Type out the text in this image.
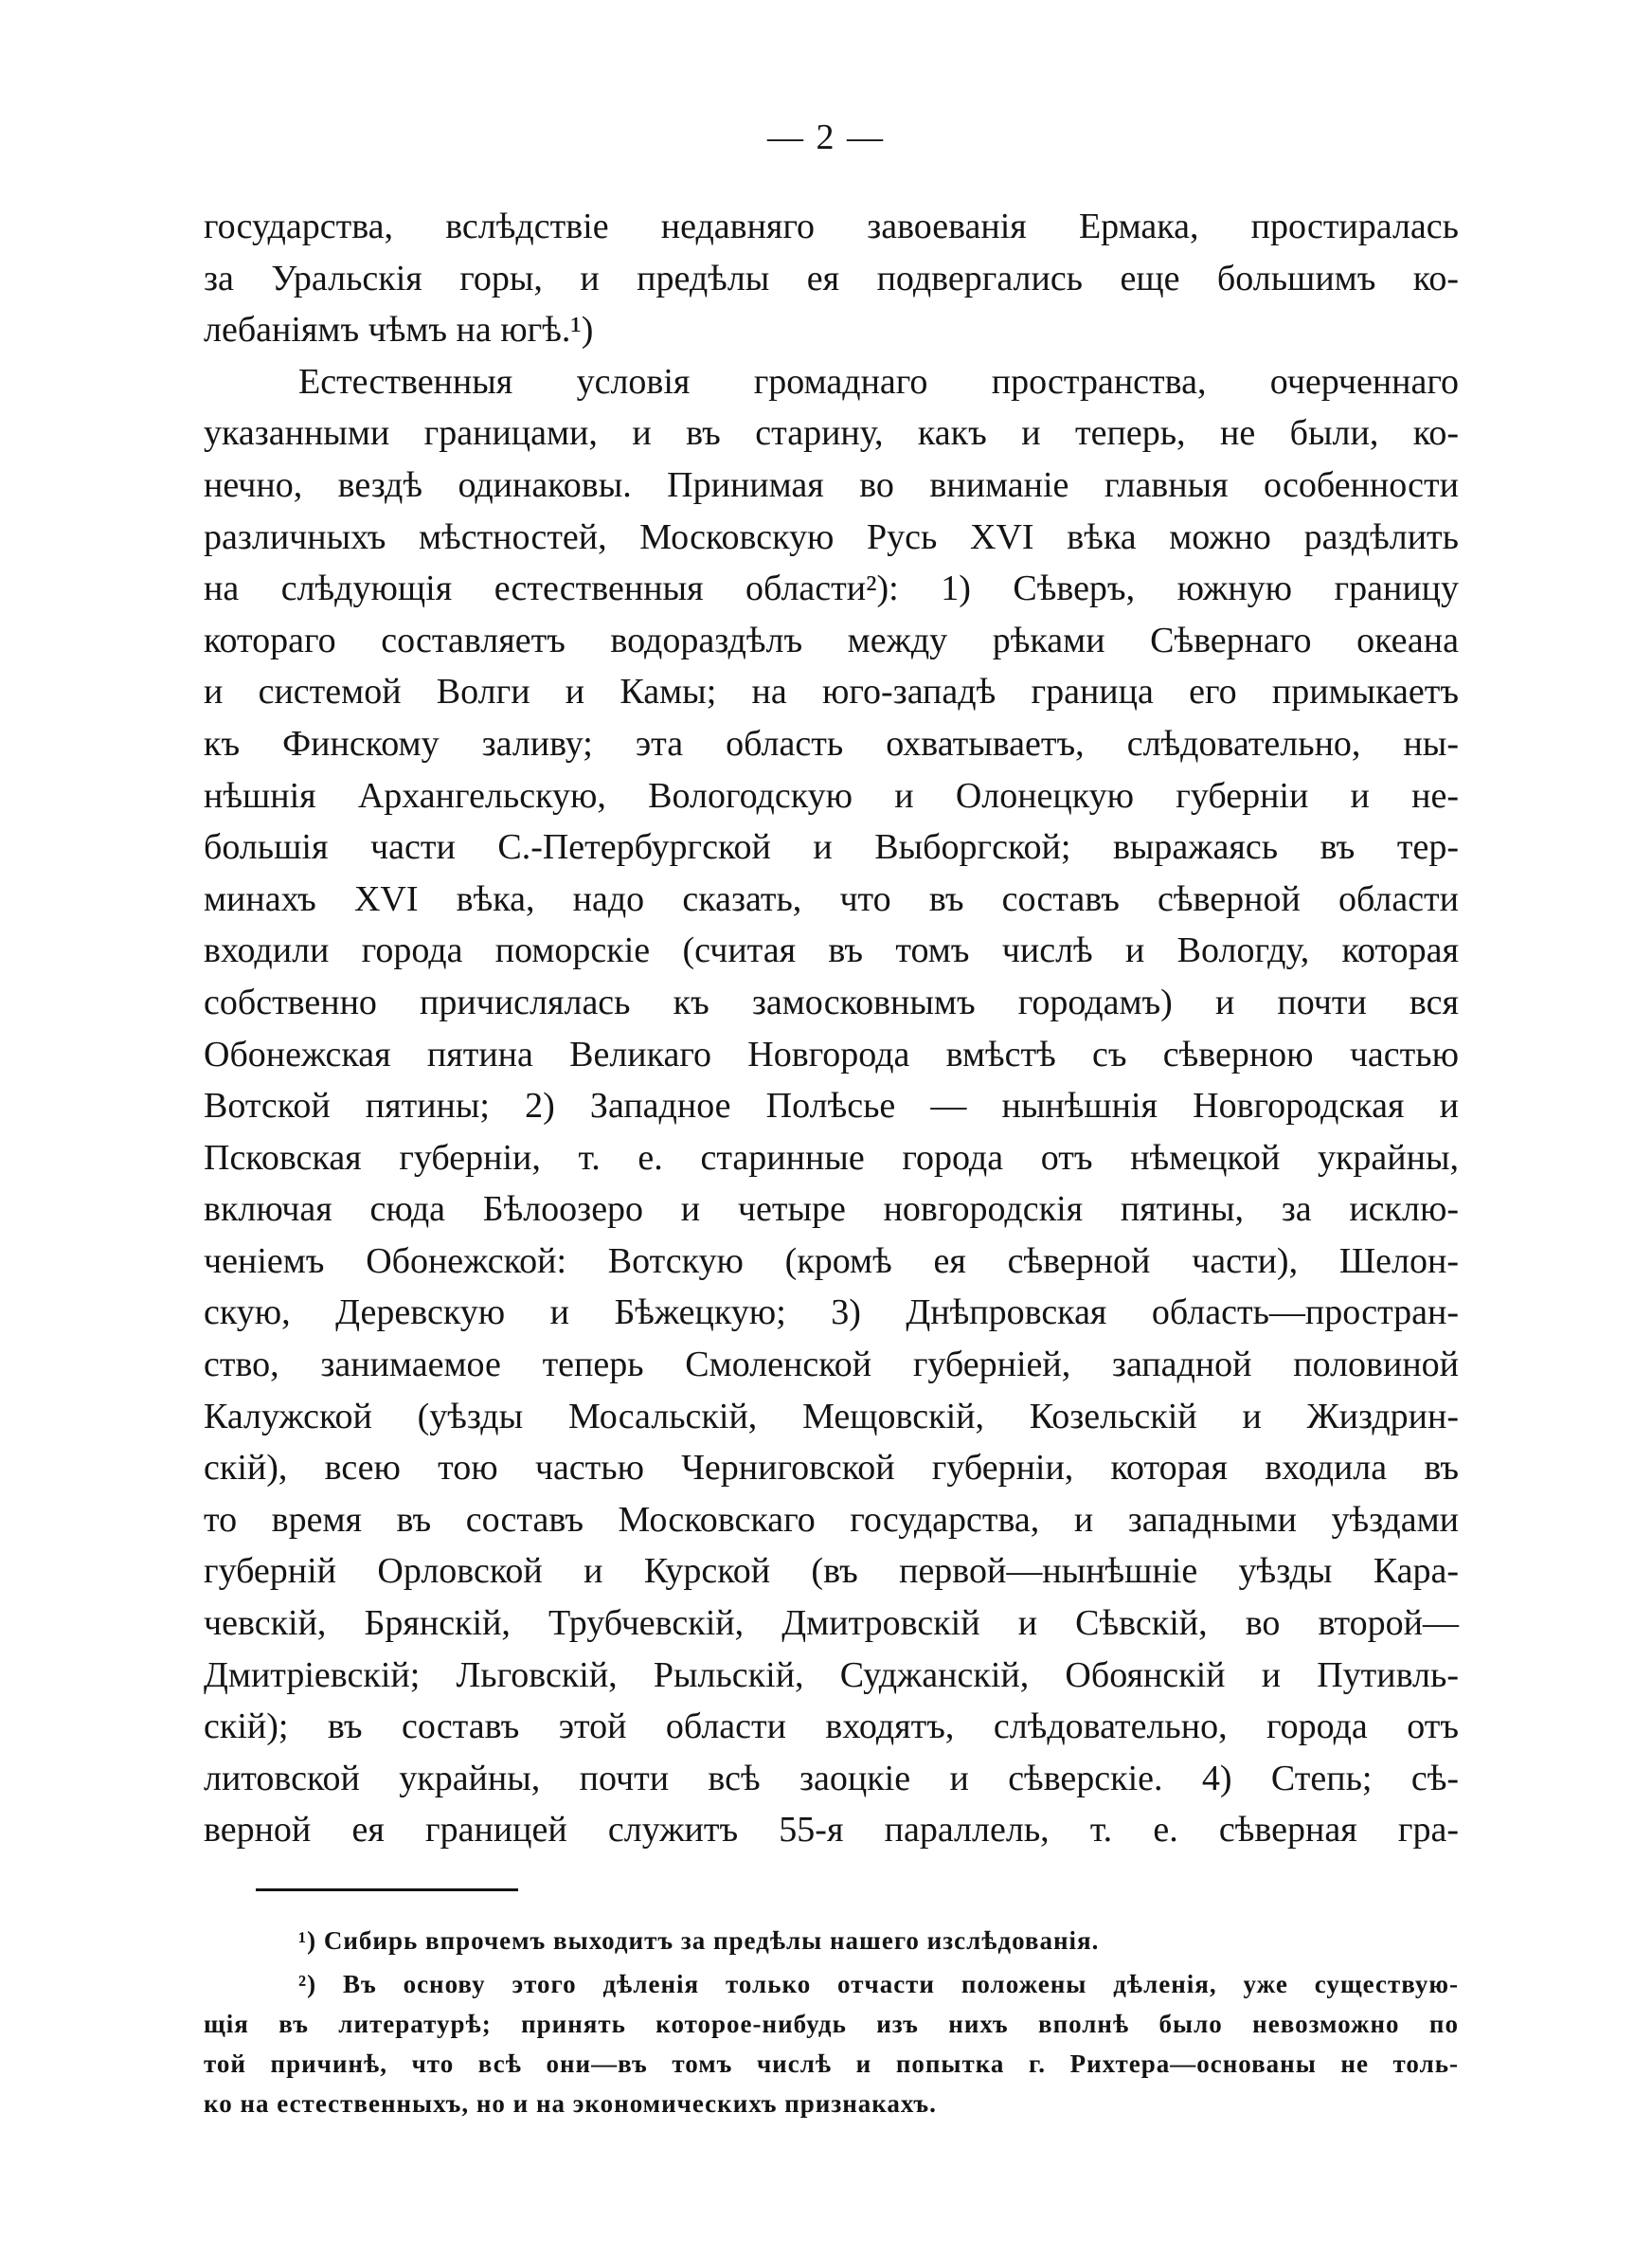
— 2 —
государства, вслѣдствіе недавняго завоеванія Ермака, простиралась
за Уральскія горы, и предѣлы ея подвергались еще большимъ ко-
лебаніямъ чѣмъ на югѣ.¹)
Естественныя условія громаднаго пространства, очерченнаго
указанными границами, и въ старину, какъ и теперь, не были, ко-
нечно, вездѣ одинаковы. Принимая во вниманіе главныя особенности
различныхъ мѣстностей, Московскую Русь XVI вѣка можно раздѣлить
на слѣдующія естественныя области²): 1) Сѣверъ, южную границу
котораго составляетъ водораздѣлъ между рѣками Сѣвернаго океана
и системой Волги и Камы; на юго-западѣ граница его примыкаетъ
къ Финскому заливу; эта область охватываетъ, слѣдовательно, ны-
нѣшнія Архангельскую, Вологодскую и Олонецкую губерніи и не-
большія части С.-Петербургской и Выборгской; выражаясь въ тер-
минахъ XVI вѣка, надо сказать, что въ составъ сѣверной области
входили города поморскіе (считая въ томъ числѣ и Вологду, которая
собственно причислялась къ замосковнымъ городамъ) и почти вся
Обонежская пятина Великаго Новгорода вмѣстѣ съ сѣверною частью
Вотской пятины; 2) Западное Полѣсье — нынѣшнія Новгородская и
Псковская губерніи, т. е. старинные города отъ нѣмецкой украйны,
включая сюда Бѣлоозеро и четыре новгородскія пятины, за исклю-
ченіемъ Обонежской: Вотскую (кромѣ ея сѣверной части), Шелон-
скую, Деревскую и Бѣжецкую; 3) Днѣпровская область—простран-
ство, занимаемое теперь Смоленской губерніей, западной половиной
Калужской (уѣзды Мосальскій, Мещовскій, Козельскій и Жиздрин-
скій), всею тою частью Черниговской губерніи, которая входила въ
то время въ составъ Московскаго государства, и западными уѣздами
губерній Орловской и Курской (въ первой—нынѣшніе уѣзды Кара-
чевскій, Брянскій, Трубчевскій, Дмитровскій и Сѣвскій, во второй—
Дмитріевскій; Льговскій, Рыльскій, Суджанскій, Обоянскій и Путивль-
скій); въ составъ этой области входятъ, слѣдовательно, города отъ
литовской украйны, почти всѣ заоцкіе и сѣверскіе. 4) Степь; сѣ-
верной ея границей служитъ 55-я параллель, т. е. сѣверная гра-
¹) Сибирь впрочемъ выходитъ за предѣлы нашего изслѣдованія.
²) Въ основу этого дѣленія только отчасти положены дѣленія, уже существую-
щія въ литературѣ; принять которое-нибудь изъ нихъ вполнѣ было невозможно по
той причинѣ, что всѣ они—въ томъ числѣ и попытка г. Рихтера—основаны не толь-
ко на естественныхъ, но и на экономическихъ признакахъ.
